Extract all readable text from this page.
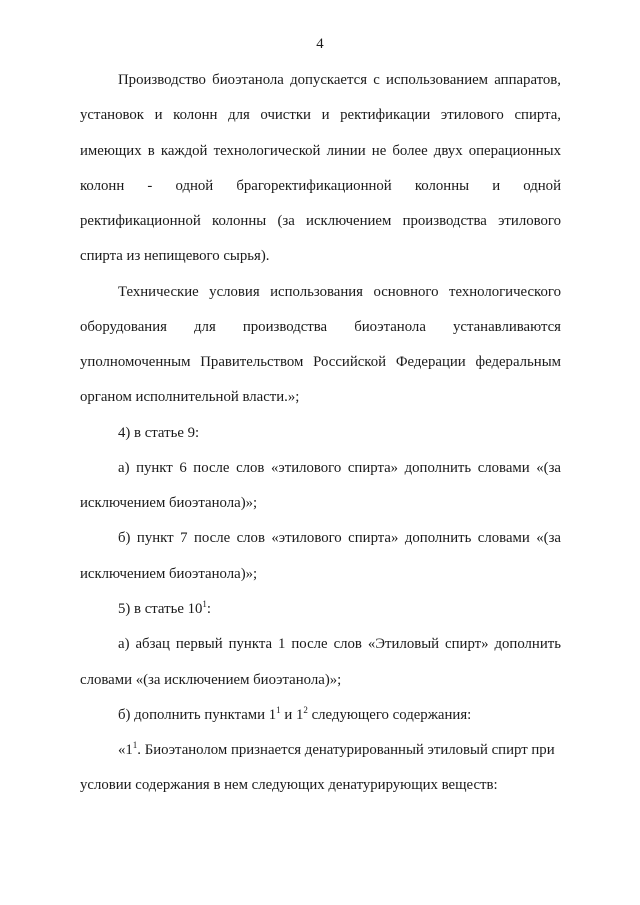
4
Производство биоэтанола допускается с использованием аппаратов,
установок и колонн для очистки и ректификации этилового спирта,
имеющих в каждой технологической линии не более двух операционных
колонн - одной брагоректификационной колонны и одной
ректификационной колонны (за исключением производства этилового
спирта из непищевого сырья).
Технические условия использования основного технологического
оборудования для производства биоэтанола устанавливаются
уполномоченным Правительством Российской Федерации федеральным
органом исполнительной власти.»;
4) в статье 9:
а) пункт 6 после слов «этилового спирта» дополнить словами «(за
исключением биоэтанола)»;
б) пункт 7 после слов «этилового спирта» дополнить словами «(за
исключением биоэтанола)»;
5) в статье $10^1$:
а) абзац первый пункта 1 после слов «Этиловый спирт» дополнить
словами «(за исключением биоэтанола)»;
б) дополнить пунктами $1^1$ и $1^2$ следующего содержания:
«$1^1$. Биоэтанолом признается денатурированный этиловый спирт при
условии содержания в нем следующих денатурирующих веществ:
